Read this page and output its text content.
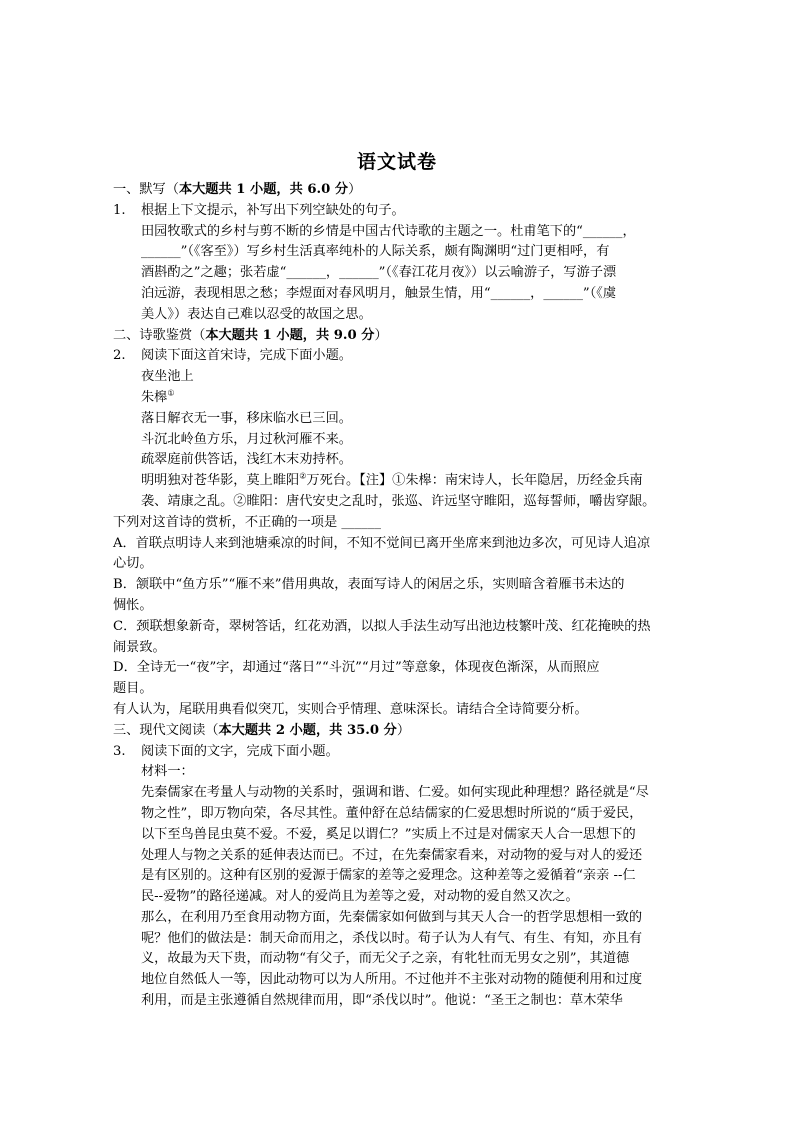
语文试卷
一、默写（本大题共 1 小题，共 6.0 分）
1.	根据上下文提示，补写出下列空缺处的句子。

田园牧歌式的乡村与剪不断的乡情是中国古代诗歌的主题之一。杜甫笔下的“______，

______”（《客至》）写乡村生活真率纯朴的人际关系，颇有陶渊明“过门更相呼，有

酒斟酌之”之趣；张若虚“______，______”（《春江花月夜》）以云喻游子，写游子漂

泊远游，表现相思之愁；李煜面对春风明月，触景生情，用“______，______”（《虞

美人》）表达自己难以忍受的故国之思。

二、诗歌鉴赏（本大题共 1 小题，共 9.0 分）
2.	阅读下面这首宋诗，完成下面小题。

夜坐池上

朱槔①

落日解衣无一事，移床临水已三回。

斗沉北岭鱼方乐，月过秋河雁不来。

疏翠庭前供答话，浅红木末劝持杯。

明明独对苍华影，莫上睢阳②万死台。【注】①朱槔：南宋诗人，长年隐居，历经金兵南

袭、靖康之乱。②睢阳：唐代安史之乱时，张巡、许远坚守睢阳，巡每誓师，嚼齿穿龈。

下列对这首诗的赏析，不正确的一项是 ______

A．首联点明诗人来到池塘乘凉的时间，不知不觉间已离开坐席来到池边多次，可见诗人追凉

心切。

B．颔联中“鱼方乐”“雁不来”借用典故，表面写诗人的闲居之乐，实则暗含着雁书未达的

惆怅。

C．颈联想象新奇，翠树答话，红花劝酒，以拟人手法生动写出池边枝繁叶茂、红花掩映的热

闹景致。

D．全诗无一“夜”字，却通过“落日”“斗沉”“月过”等意象，体现夜色渐深，从而照应

题目。

有人认为，尾联用典看似突兀，实则合乎情理、意味深长。请结合全诗简要分析。

三、现代文阅读（本大题共 2 小题，共 35.0 分）
3.	阅读下面的文字，完成下面小题。

材料一：

先秦儒家在考量人与动物的关系时，强调和谐、仁爱。如何实现此种理想？路径就是“尽

物之性”，即万物向荣，各尽其性。董仲舒在总结儒家的仁爱思想时所说的“质于爱民，

以下至鸟兽昆虫莫不爱。不爱，奚足以谓仁？”实质上不过是对儒家天人合一思想下的

处理人与物之关系的延伸表达而已。不过，在先秦儒家看来，对动物的爱与对人的爱还

是有区别的。这种有区别的爱源于儒家的差等之爱理念。这种差等之爱循着“亲亲 --仁

民--爱物”的路径递减。对人的爱尚且为差等之爱，对动物的爱自然又次之。

那么，在利用乃至食用动物方面，先秦儒家如何做到与其天人合一的哲学思想相一致的

呢？他们的做法是：制天命而用之，杀伐以时。荀子认为人有气、有生、有知，亦且有

义，故最为天下贵，而动物“有父子，而无父子之亲，有牝牡而无男女之别”，其道德

地位自然低人一等，因此动物可以为人所用。不过他并不主张对动物的随便利用和过度

利用，而是主张遵循自然规律而用，即“杀伐以时”。他说：“圣王之制也：草木荣华
